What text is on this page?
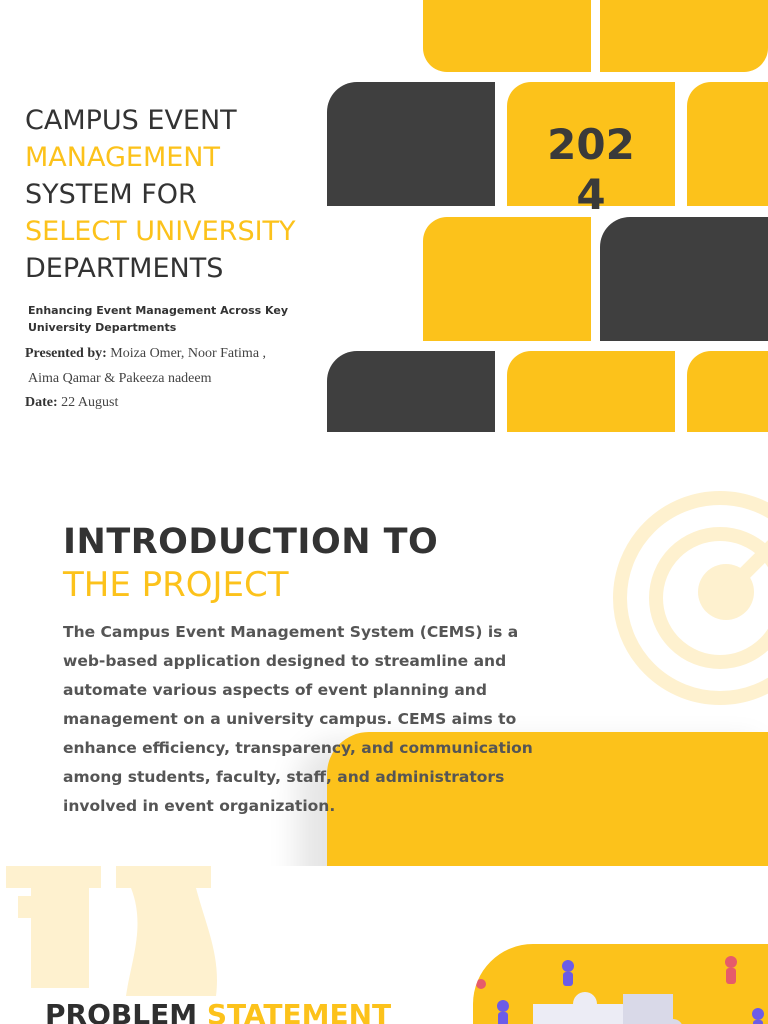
2024
CAMPUS EVENT
MANAGEMENT
SYSTEM FOR
SELECT UNIVERSITY
DEPARTMENTS
Enhancing Event Management Across Key University Departments
Presented by: Moiza Omer, Noor Fatima ,
Aima Qamar & Pakeeza nadeem
Date: 22 August
INTRODUCTION TO
THE PROJECT
The Campus Event Management System (CEMS) is a web-based application designed to streamline and automate various aspects of event planning and management on a university campus. CEMS aims to enhance efficiency, transparency, and communication among students, faculty, staff, and administrators involved in event organization.
PROBLEM STATEMENT
